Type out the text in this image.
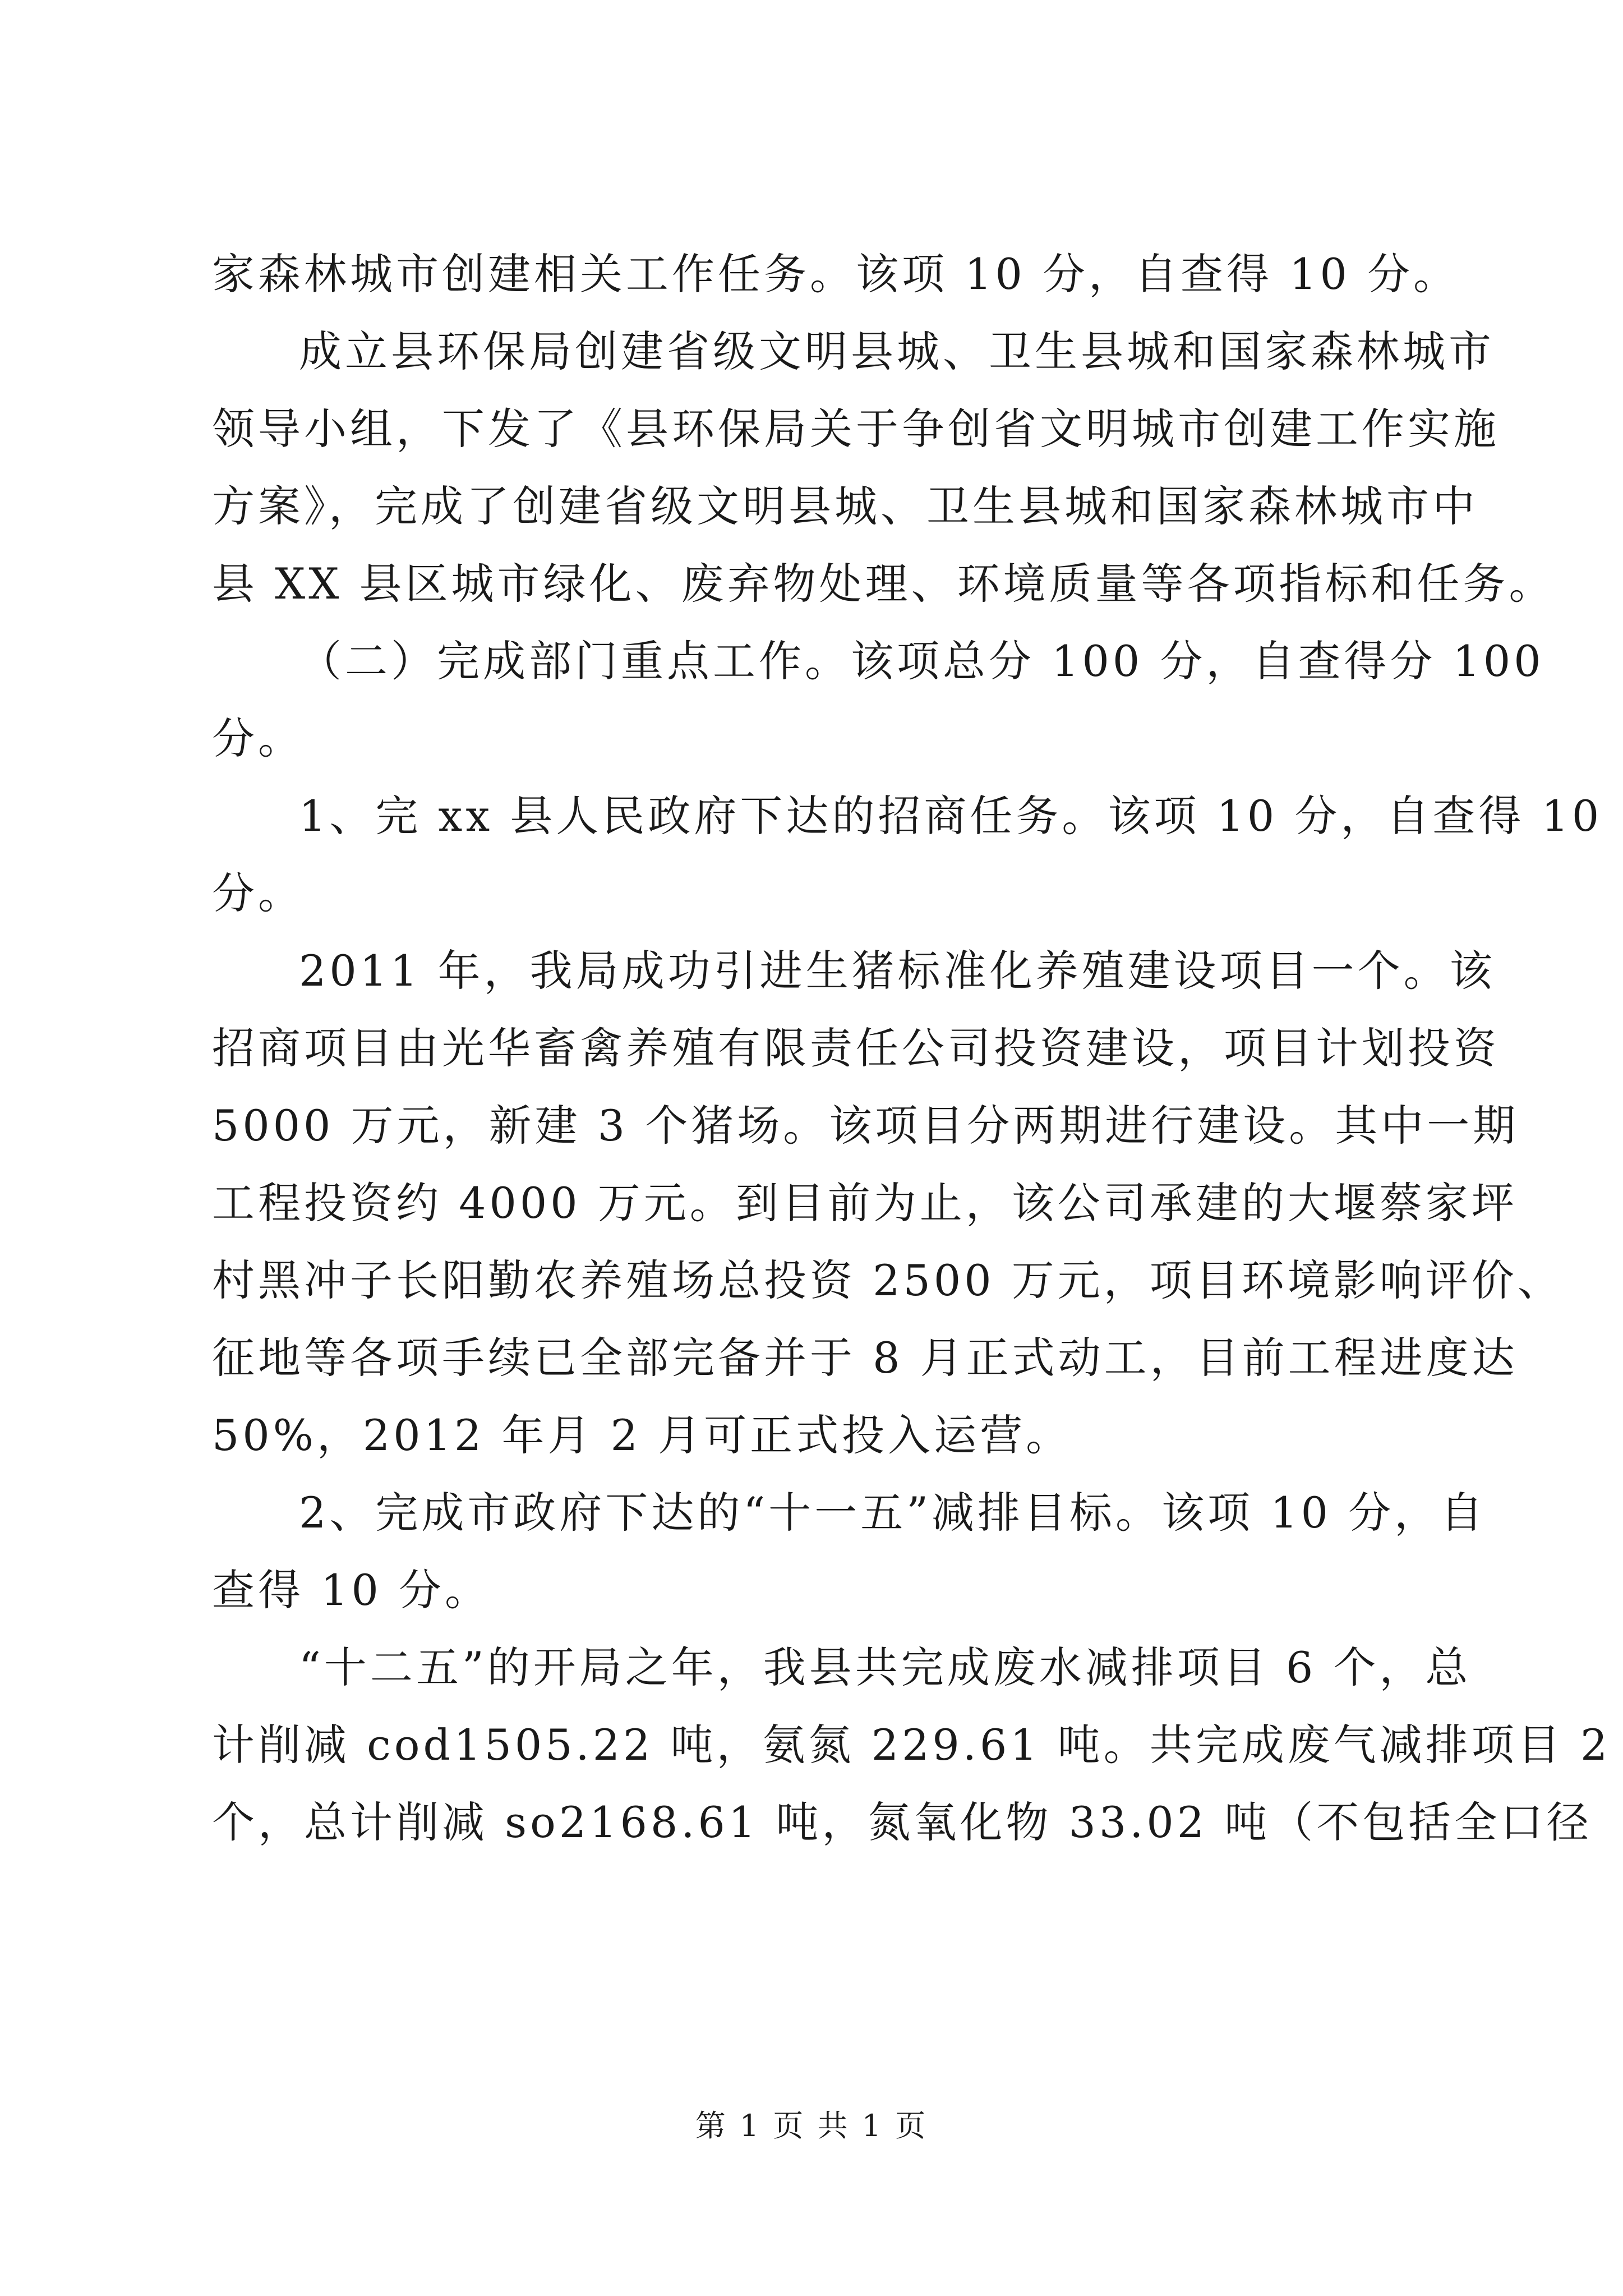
家森林城市创建相关工作任务。该项 10 分，自查得 10 分。
成立县环保局创建省级文明县城、卫生县城和国家森林城市
领导小组，下发了《县环保局关于争创省文明城市创建工作实施
方案》，完成了创建省级文明县城、卫生县城和国家森林城市中
县 XX 县区城市绿化、废弃物处理、环境质量等各项指标和任务。
（二）完成部门重点工作。该项总分 100 分，自查得分 100
分。
1、完 xx 县人民政府下达的招商任务。该项 10 分，自查得 10
分。
2011 年，我局成功引进生猪标准化养殖建设项目一个。该
招商项目由光华畜禽养殖有限责任公司投资建设，项目计划投资
5000 万元，新建 3 个猪场。该项目分两期进行建设。其中一期
工程投资约 4000 万元。到目前为止，该公司承建的大堰蔡家坪
村黑冲子长阳勤农养殖场总投资 2500 万元，项目环境影响评价、
征地等各项手续已全部完备并于 8 月正式动工，目前工程进度达
50%，2012 年月 2 月可正式投入运营。
2、完成市政府下达的“十一五”减排目标。该项 10 分，自
查得 10 分。
“十二五”的开局之年，我县共完成废水减排项目 6 个，总
计削减 cod1505.22 吨，氨氮 229.61 吨。共完成废气减排项目 2
个，总计削减 so2168.61 吨，氮氧化物 33.02 吨（不包括全口径
第 1 页 共 1 页
